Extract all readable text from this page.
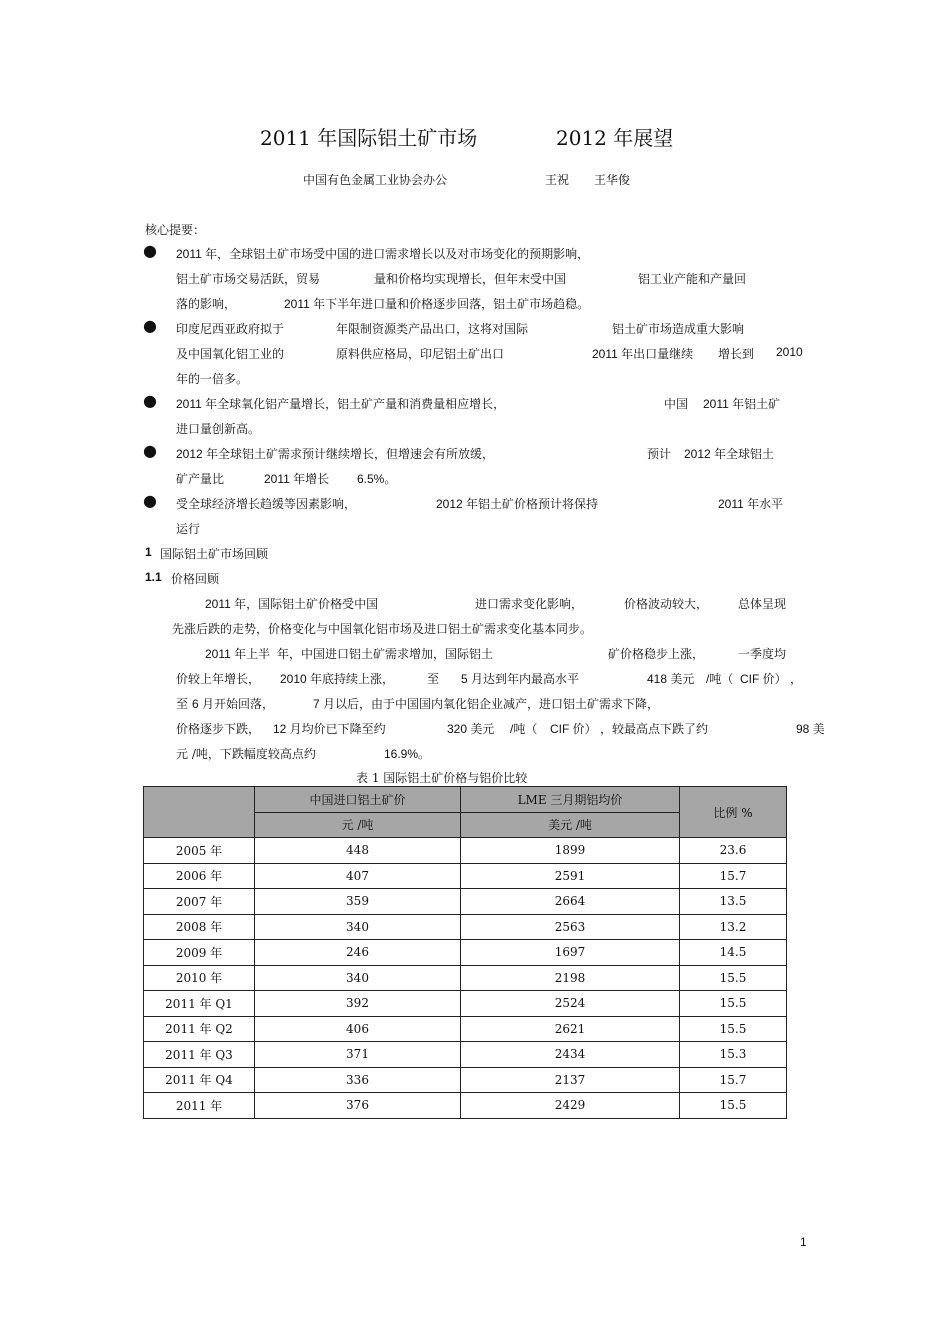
2011 年国际铝土矿市场	2012 年展望
中国有色金属工业协会办公	王祝 王华俊
核心提要：
● 2011 年，全球铝土矿市场受中国的进口需求增长以及对市场变化的预期影响，
铝土矿市场交易活跃，贸易	量和价格均实现增长，但年末受中国	铝工业产能和产量回
落的影响，	2011 年下半年进口量和价格逐步回落，铝土矿市场趋稳。
● 印度尼西亚政府拟于	年限制资源类产品出口，这将对国际	铝土矿市场造成重大影响
及中国氧化铝工业的	原料供应格局，印尼铝土矿出口	2011 年出口量继续 增长到 2010
年的一倍多。
● 2011 年全球氧化铝产量增长，铝土矿产量和消费量相应增长，	中国 2011 年铝土矿
进口量创新高。
● 2012 年全球铝土矿需求预计继续增长，但增速会有所放缓，	预计 2012 年全球铝土
矿产量比	2011 年增长 6.5%。
● 受全球经济增长趋缓等因素影响，	2012 年铝土矿价格预计将保持	2011 年水平
运行
1 国际铝土矿市场回顾
1.1 价格回顾
2011 年，国际铝土矿价格受中国	进口需求变化影响，	价格波动较大， 总体呈现
先涨后跌的走势，价格变化与中国氧化铝市场及进口铝土矿需求变化基本同步。
2011 年上半 年，中国进口铝土矿需求增加，国际铝土	矿价格稳步上涨，	一季度均
价较上年增长， 2010 年底持续上涨，	至 5 月达到年内最高水平	418 美元 /吨（ CIF 价） ，
至 6 月开始回落，	7 月以后，由于中国国内氧化铝企业减产，进口铝土矿需求下降，
价格逐步下跌， 12 月均价已下降至约	320 美元 /吨（ CIF 价） ，较最高点下跌了约	98 美
元 /吨，下跌幅度较高点约	16.9%。
表 1 国际铝土矿价格与铝价比较
	中国进口铝土矿价	LME 三月期铝均价	比例 %
	元 /吨	美元 /吨	
2005 年	448	1899	23.6
2006 年	407	2591	15.7
2007 年	359	2664	13.5
2008 年	340	2563	13.2
2009 年	246	1697	14.5
2010 年	340	2198	15.5
2011 年 Q1	392	2524	15.5
2011 年 Q2	406	2621	15.5
2011 年 Q3	371	2434	15.3
2011 年 Q4	336	2137	15.7
2011 年	376	2429	15.5
1
